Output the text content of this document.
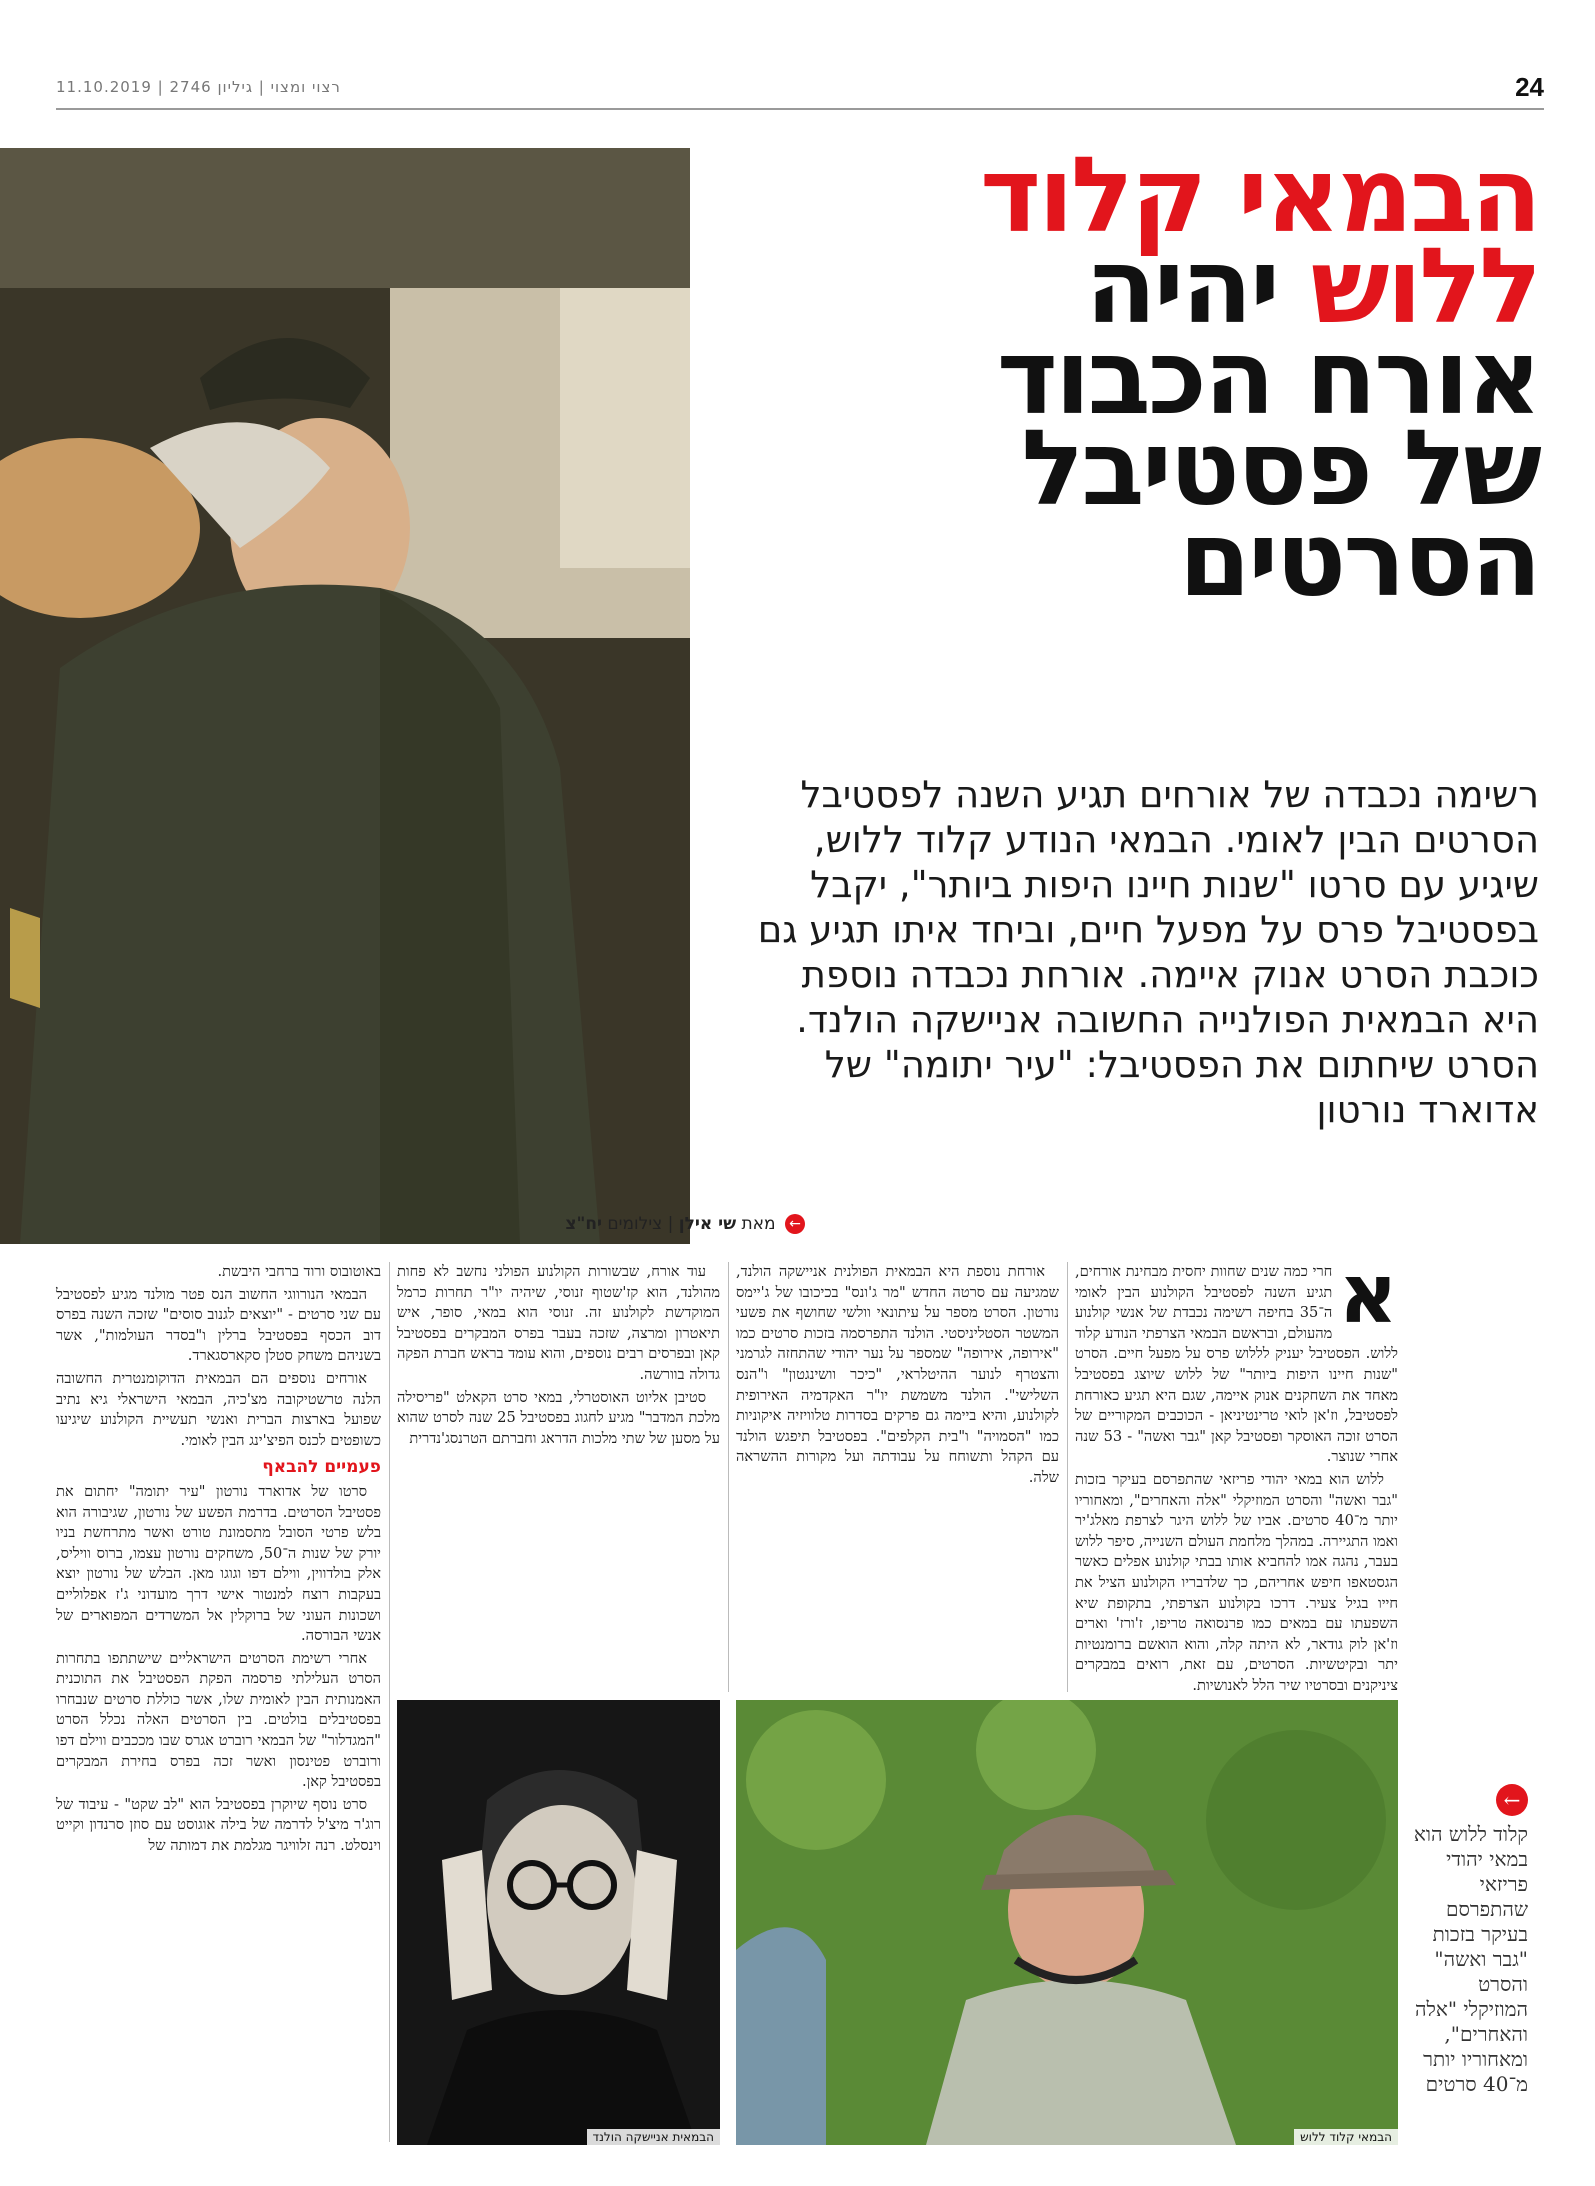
רצוי ומצוי | גיליון 2746 | 11.10.2019	24
הבמאי קלוד
ללוש יהיה
אורח הכבוד
של פסטיבל
הסרטים
רשימה נכבדה של אורחים תגיע השנה לפסטיבל הסרטים הבין לאומי. הבמאי הנודע קלוד ללוש, שיגיע עם סרטו "שנות חיינו היפות ביותר", יקבל בפסטיבל פרס על מפעל חיים, וביחד איתו תגיע גם כוכבת הסרט אנוק איימה. אורחת נכבדה נוספת היא הבמאית הפולנייה החשובה אניישקה הולנד. הסרט שיחתום את הפסטיבל: "עיר יתומה" של אדוארד נורטון
← מאת שי אילן | צילומים יח"צ
א

חרי כמה שנים שחוות יחסית מבחינת אורחים, תגיע השנה לפסטיבל הקולנוע הבין לאומי ה־35 בחיפה רשימה נכבדת של אנשי קולנוע מהעולם, ובראשם הבמאי הצרפתי הנודע קלוד ללוש. הפסטיבל יעניק לללוש פרס על מפעל חיים. הסרט "שנות חיינו היפות ביותר" של ללוש שיוצג בפסטיבל מאחד את השחקנים אנוק איימה, שגם היא תגיע כאורחת לפסטיבל, וז'אן לואי טרינטיניאן - הכוכבים המקוריים של הסרט זוכה האוסקר ופסטיבל קאן "גבר ואשה" - 53 שנה אחרי שנוצר.

ללוש הוא במאי יהודי פריזאי שהתפרסם בעיקר בזכות "גבר ואשה" והסרט המוזיקלי "אלה והאחרים", ומאחוריו יותר מ־40 סרטים. אביו של ללוש היגר לצרפת מאלג'יר ואמו התגיירה. במהלך מלחמת העולם השנייה, סיפר ללוש בעבר, נהגה אמו להחביא אותו בבתי קולנוע אפלים כאשר הגסטאפו חיפש אחריהם, כך שלדבריו הקולנוע הציל את חייו בגיל צעיר. דרכו בקולנוע הצרפתי, בתקופת שיא השפעתו עם במאים כמו פרנסואה טריפו, ז'ורז' וארים וז'אן לוק גודאר, לא היתה קלה, והוא הואשם ברומנטיות יתר ובקיטשיות. הסרטים, עם זאת, רואים במבקרים ציניקנים ובסרטיו שיר הלל לאנושיות.

אורחת נוספת היא הבמאית הפולנית אניישקה הולנד, שמגיעה עם סרטה החדש "מר ג'ונס" בכיכובו של ג'יימס נורטון. הסרט מספר על עיתונאי וולשי שחושף את פשעי המשטר הסטליניסטי. הולנד התפרסמה בזכות סרטים כמו "אירופה, אירופה" שמספר על נער יהודי שהתחזה לגרמני והצטרף לנוער ההיטלראי, "כיכר וושינגטון" ו"הנס השלישי". הולנד משמשת יו"ר האקדמיה האירופית לקולנוע, והיא ביימה גם פרקים בסדרות טלוויזיה איקוניות כמו "הסמויה" ו"בית הקלפים". בפסטיבל תיפגש הולנד עם הקהל ותשוחח על עבודתה ועל מקורות ההשראה שלה.

עוד אורח, שבשורות הקולנוע הפולני נחשב לא פחות מהולנד, הוא קז'שטוף זנוסי, שיהיה יו"ר תחרות כרמל המוקדשת לקולנוע זה. זנוסי הוא במאי, סופר, איש תיאטרון ומרצה, שזכה בעבר בפרס המבקרים בפסטיבל קאן ובפרסים רבים נוספים, והוא עומד בראש חברת הפקה גדולה בוורשה.

סטיבן אליוט האוסטרלי, במאי סרט הקאלט "פריסילה מלכת המדבר" מגיע לחגוג בפסטיבל 25 שנה לסרט שהוא על מסען של שתי מלכות הדראג וחברתם הטרנסג'נדרית

באוטובוס ורוד ברחבי היבשת.

הבמאי הנורווגי החשוב הנס פטר מולנד מגיע לפסטיבל עם שני סרטים - "יוצאים לגנוב סוסים" שזכה השנה בפרס דוב הכסף בפסטיבל ברלין ו"בסדר העולמות", אשר בשניהם משחק סטלן סקארסגארד.

אורחים נוספים הם הבמאית הדוקומנטרית החשובה הלנה טרשטיקובה מצ'כיה, הבמאי הישראלי גיא נתיב שפועל בארצות הברית ואנשי תעשיית הקולנוע שיגיעו כשופטים לכנס הפיצ'ינג הבין לאומי.

פעמיים להבאף

סרטו של אדוארד נורטון "עיר יתומה" יחתום את פסטיבל הסרטים. בדרמת הפשע של נורטון, שגיבורה הוא בלש פרטי הסובל מתסמונת טורט ואשר מתרחשת בניו יורק של שנות ה־50, משחקים נורטון עצמו, ברוס וויליס, אלק בולדווין, ווילם דפו וגוגו מאן. הבלש של נורטון יוצא בעקבות רוצח למנטור אישי דרך מועדוני ג'ז אפלוליים ושכונות העוני של ברוקלין אל המשרדים המפוארים של אנשי הבורסה.

אחרי רשימת הסרטים הישראליים שישתתפו בתחרות הסרט העלילתי פרסמה הפקת הפסטיבל את התוכנית האמנותית הבין לאומית שלו, אשר כוללת סרטים שנבחרו בפסטיבלים בולטים. בין הסרטים האלה נכלל הסרט "המגדלור" של הבמאי רוברט אגרס שבו מככבים ווילם דפו ורוברט פטינסון ואשר זכה בפרס בחירת המבקרים בפסטיבל קאן.

סרט נוסף שיוקרן בפסטיבל הוא "לב שקט" - עיבוד של רוג'ר מיצ'ל לדרמה של בילה אוגוסט עם סוזן סרנדון וקייט וינסלט. רנה זלוויגר מגלמת את דמותה של

הבמאית אניישקה הולנד	הבמאי קלוד ללוש
←
קלוד ללוש הוא במאי יהודי פריזאי שהתפרסם בעיקר בזכות "גבר ואשה" והסרט המוזיקלי "אלה והאחרים", ומאחוריו יותר מ־40 סרטים
